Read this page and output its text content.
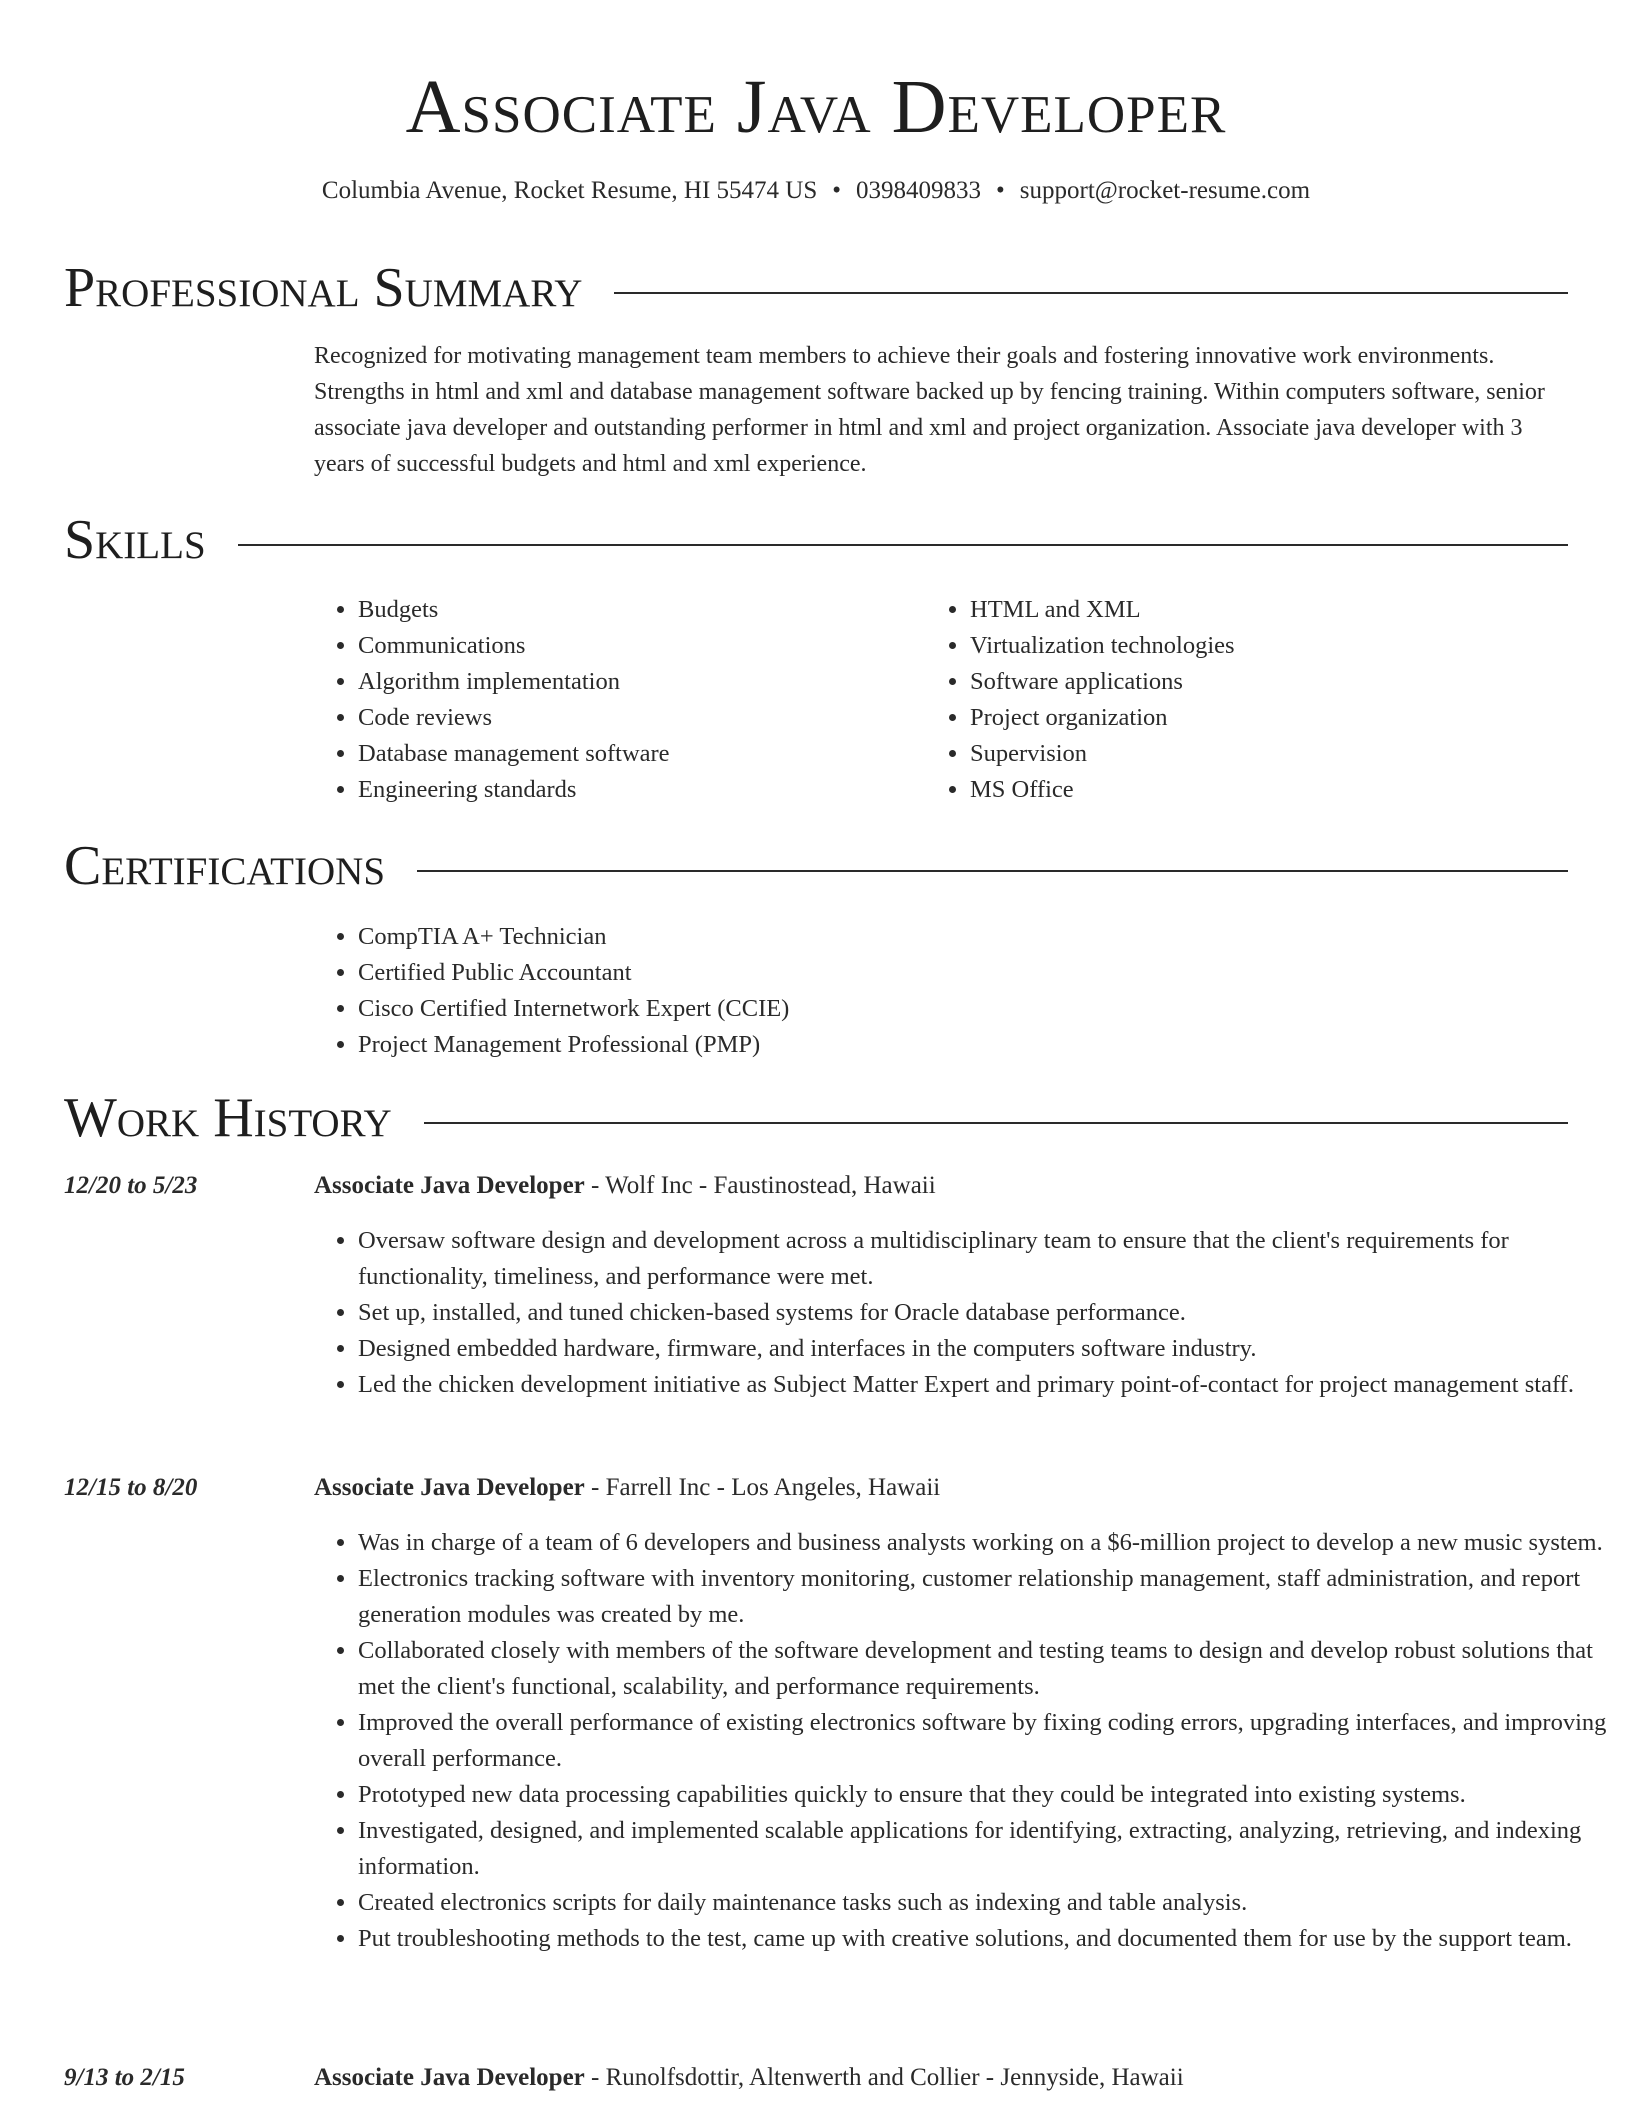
Associate Java Developer
Columbia Avenue, Rocket Resume, HI 55474 US • 0398409833 • support@rocket-resume.com
Professional Summary

Recognized for motivating management team members to achieve their goals and fostering innovative work environments. Strengths in html and xml and database management software backed up by fencing training. Within computers software, senior associate java developer and outstanding performer in html and xml and project organization. Associate java developer with 3 years of successful budgets and html and xml experience.

Skills
• Budgets
• Communications
• Algorithm implementation
• Code reviews
• Database management software
• Engineering standards
• HTML and XML
• Virtualization technologies
• Software applications
• Project organization
• Supervision
• MS Office
Certifications
• CompTIA A+ Technician
• Certified Public Accountant
• Cisco Certified Internetwork Expert (CCIE)
• Project Management Professional (PMP)
Work History
12/20 to 5/23	Associate Java Developer - Wolf Inc - Faustinostead, Hawaii
• Oversaw software design and development across a multidisciplinary team to ensure that the client's requirements for functionality, timeliness, and performance were met.
• Set up, installed, and tuned chicken-based systems for Oracle database performance.
• Designed embedded hardware, firmware, and interfaces in the computers software industry.
• Led the chicken development initiative as Subject Matter Expert and primary point-of-contact for project management staff.
12/15 to 8/20	Associate Java Developer - Farrell Inc - Los Angeles, Hawaii
• Was in charge of a team of 6 developers and business analysts working on a $6-million project to develop a new music system.
• Electronics tracking software with inventory monitoring, customer relationship management, staff administration, and report generation modules was created by me.
• Collaborated closely with members of the software development and testing teams to design and develop robust solutions that met the client's functional, scalability, and performance requirements.
• Improved the overall performance of existing electronics software by fixing coding errors, upgrading interfaces, and improving overall performance.
• Prototyped new data processing capabilities quickly to ensure that they could be integrated into existing systems.
• Investigated, designed, and implemented scalable applications for identifying, extracting, analyzing, retrieving, and indexing information.
• Created electronics scripts for daily maintenance tasks such as indexing and table analysis.
• Put troubleshooting methods to the test, came up with creative solutions, and documented them for use by the support team.
9/13 to 2/15	Associate Java Developer - Runolfsdottir, Altenwerth and Collier - Jennyside, Hawaii
